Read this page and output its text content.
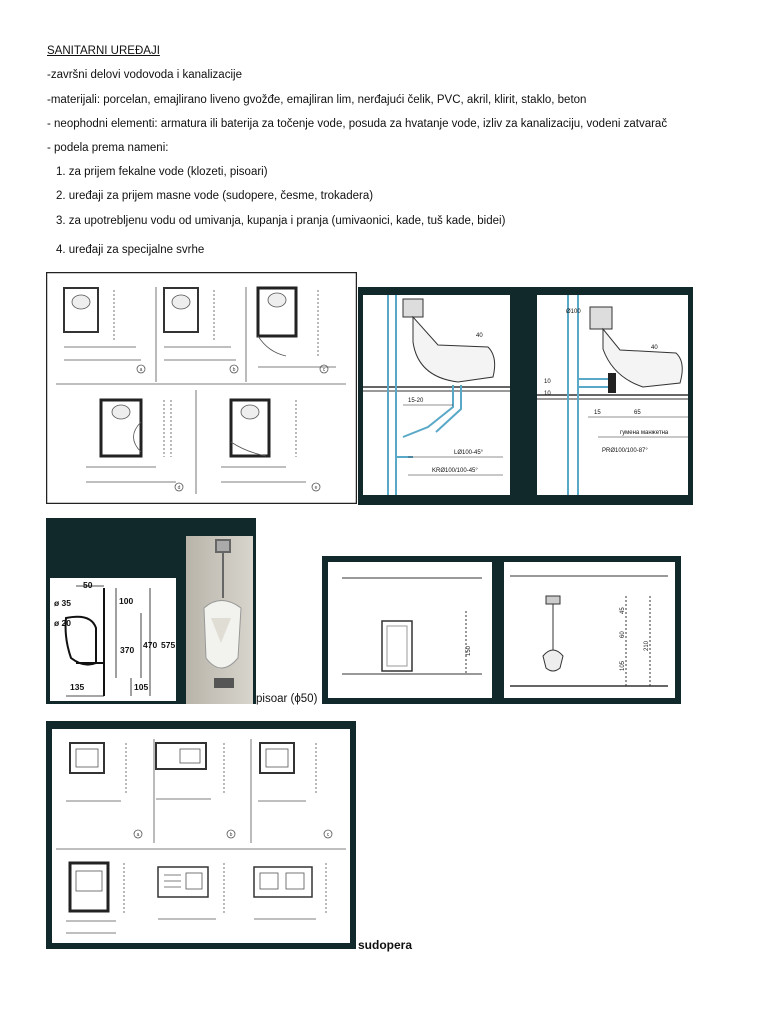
SANITARNI UREĐAJI
-završni delovi vodovoda i kanalizacije
-materijali: porcelan, emajlirano liveno gvožđe, emajliran lim, nerđajući čelik, PVC, akril, klirit, staklo, beton
- neophodni elementi: armatura ili baterija za točenje vode, posuda za hvatanje vode, izliv za kanalizaciju, vodeni zatvarač
- podela prema nameni:
1. za prijem fekalne vode (klozeti, pisoari)
2. uređaji za prijem masne vode (sudopere, česme, trokadera)
3. za upotrebljenu vodu od umivanja, kupanja i pranja (umivaonici, kade, tuš kade, bidei)
4. uređaji za specijalne svrhe
a	b	c
d	e
40
15-20
LØ100-45°
KRØ100/100-45°
Ø100
40
10
10
15	65
гумена манжетна
PRØ100/100-87°
50
ø 35
ø 20
100
370 470 575
105
135
pisoar (ϕ50)
150
45
60
105
210
a	b	c
sudopera
